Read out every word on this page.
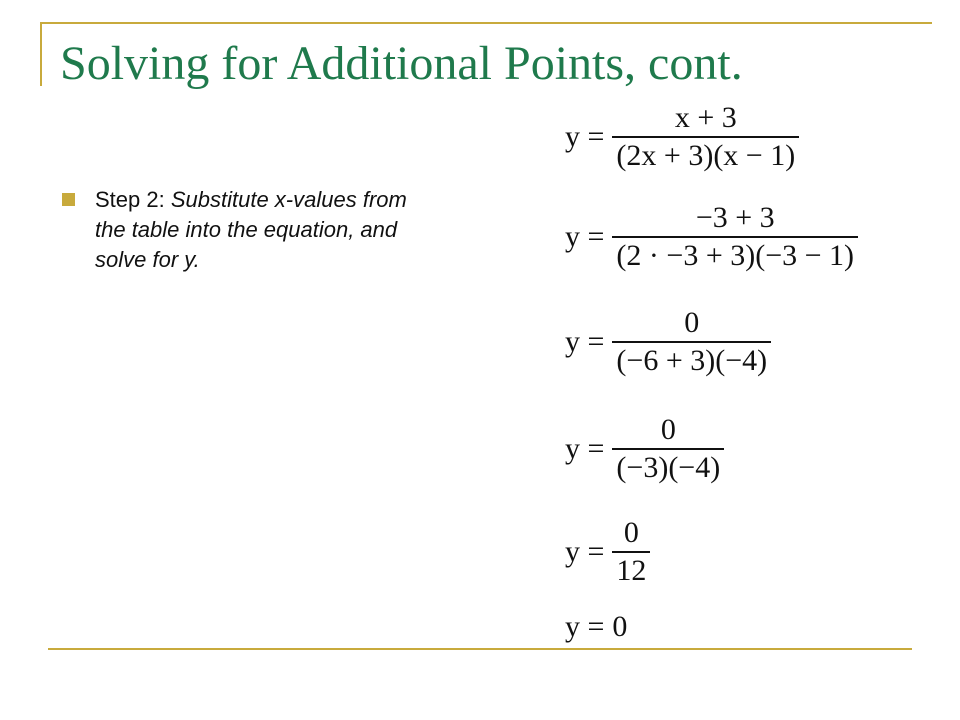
Solving for Additional Points, cont.
Step 2: Substitute x-values from the table into the equation, and solve for y.
$y = \frac{x + 3}{(2x + 3)(x - 1)}$
$y = \frac{-3 + 3}{(2 \cdot -3 + 3)(-3 - 1)}$
$y = \frac{0}{(-6 + 3)(-4)}$
$y = \frac{0}{(-3)(-4)}$
$y = \frac{0}{12}$
y = 0
